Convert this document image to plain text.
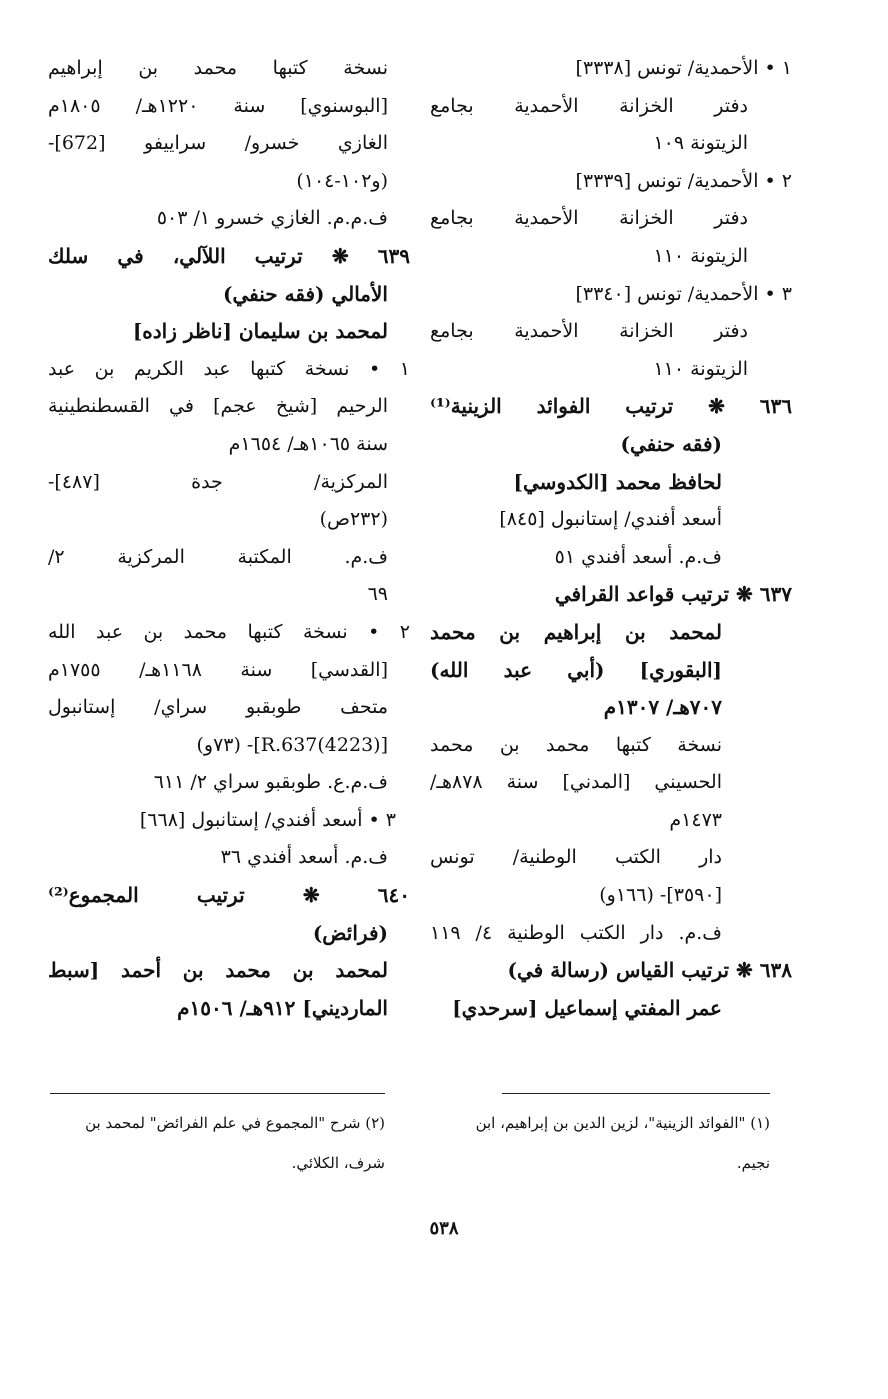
١ • الأحمدية/ تونس [٣٣٣٨]
دفتر الخزانة الأحمدية بجامع
الزيتونة ١٠٩
٢ • الأحمدية/ تونس [٣٣٣٩]
دفتر الخزانة الأحمدية بجامع
الزيتونة ١١٠
٣ • الأحمدية/ تونس [٣٣٤٠]
دفتر الخزانة الأحمدية بجامع
الزيتونة ١١٠
٦٣٦ ❋ ترتيب الفوائد الزينية⁽¹⁾
(فقه حنفي)
لحافظ محمد [الكدوسي]
أسعد أفندي/ إستانبول [٨٤٥]
ف.م. أسعد أفندي ٥١
٦٣٧ ❋ ترتيب قواعد القرافي
لمحمد بن إبراهيم بن محمد
[البقوري] (أبي عبد الله)
٧٠٧هـ/ ١٣٠٧م
نسخة كتبها محمد بن محمد
الحسيني [المدني] سنة ٨٧٨هـ/
١٤٧٣م
دار الكتب الوطنية/ تونس
[٣٥٩٠]- (١٦٦و)
ف.م. دار الكتب الوطنية ٤/ ١١٩
٦٣٨ ❋ ترتيب القياس (رسالة في)
عمر المفتي إسماعيل [سرحدي]
نسخة كتبها محمد بن إبراهيم
[البوسنوي] سنة ١٢٢٠هـ/ ١٨٠٥م
الغازي خسرو/ سراييفو [672]-
(و١٠٢-١٠٤)
ف.م.م. الغازي خسرو ١/ ٥٠٣
٦٣٩ ❋ ترتيب اللآلي، في سلك
الأمالي (فقه حنفي)
لمحمد بن سليمان [ناظر زاده]
١ • نسخة كتبها عبد الكريم بن عبد
الرحيم [شيخ عجم] في القسطنطينية
سنة ١٠٦٥هـ/ ١٦٥٤م
المركزية/ جدة [٤٨٧]-
(٢٣٢ص)
ف.م. المكتبة المركزية ٢/
٦٩
٢ • نسخة كتبها محمد بن عبد الله
[القدسي] سنة ١١٦٨هـ/ ١٧٥٥م
متحف طوبقبو سراي/ إستانبول
[R.637(4223)]- (٧٣و)
ف.م.ع. طوبقبو سراي ٢/ ٦١١
٣ • أسعد أفندي/ إستانبول [٦٦٨]
ف.م. أسعد أفندي ٣٦
٦٤٠ ❋ ترتيب المجموع⁽²⁾
(فرائض)
لمحمد بن محمد بن أحمد [سبط
المارديني] ٩١٢هـ/ ١٥٠٦م
(١) "الفوائد الزينية"، لزين الدين بن إبراهيم، ابن
نجيم.
(٢) شرح "المجموع في علم الفرائض" لمحمد بن
شرف، الكلائي.
٥٣٨
